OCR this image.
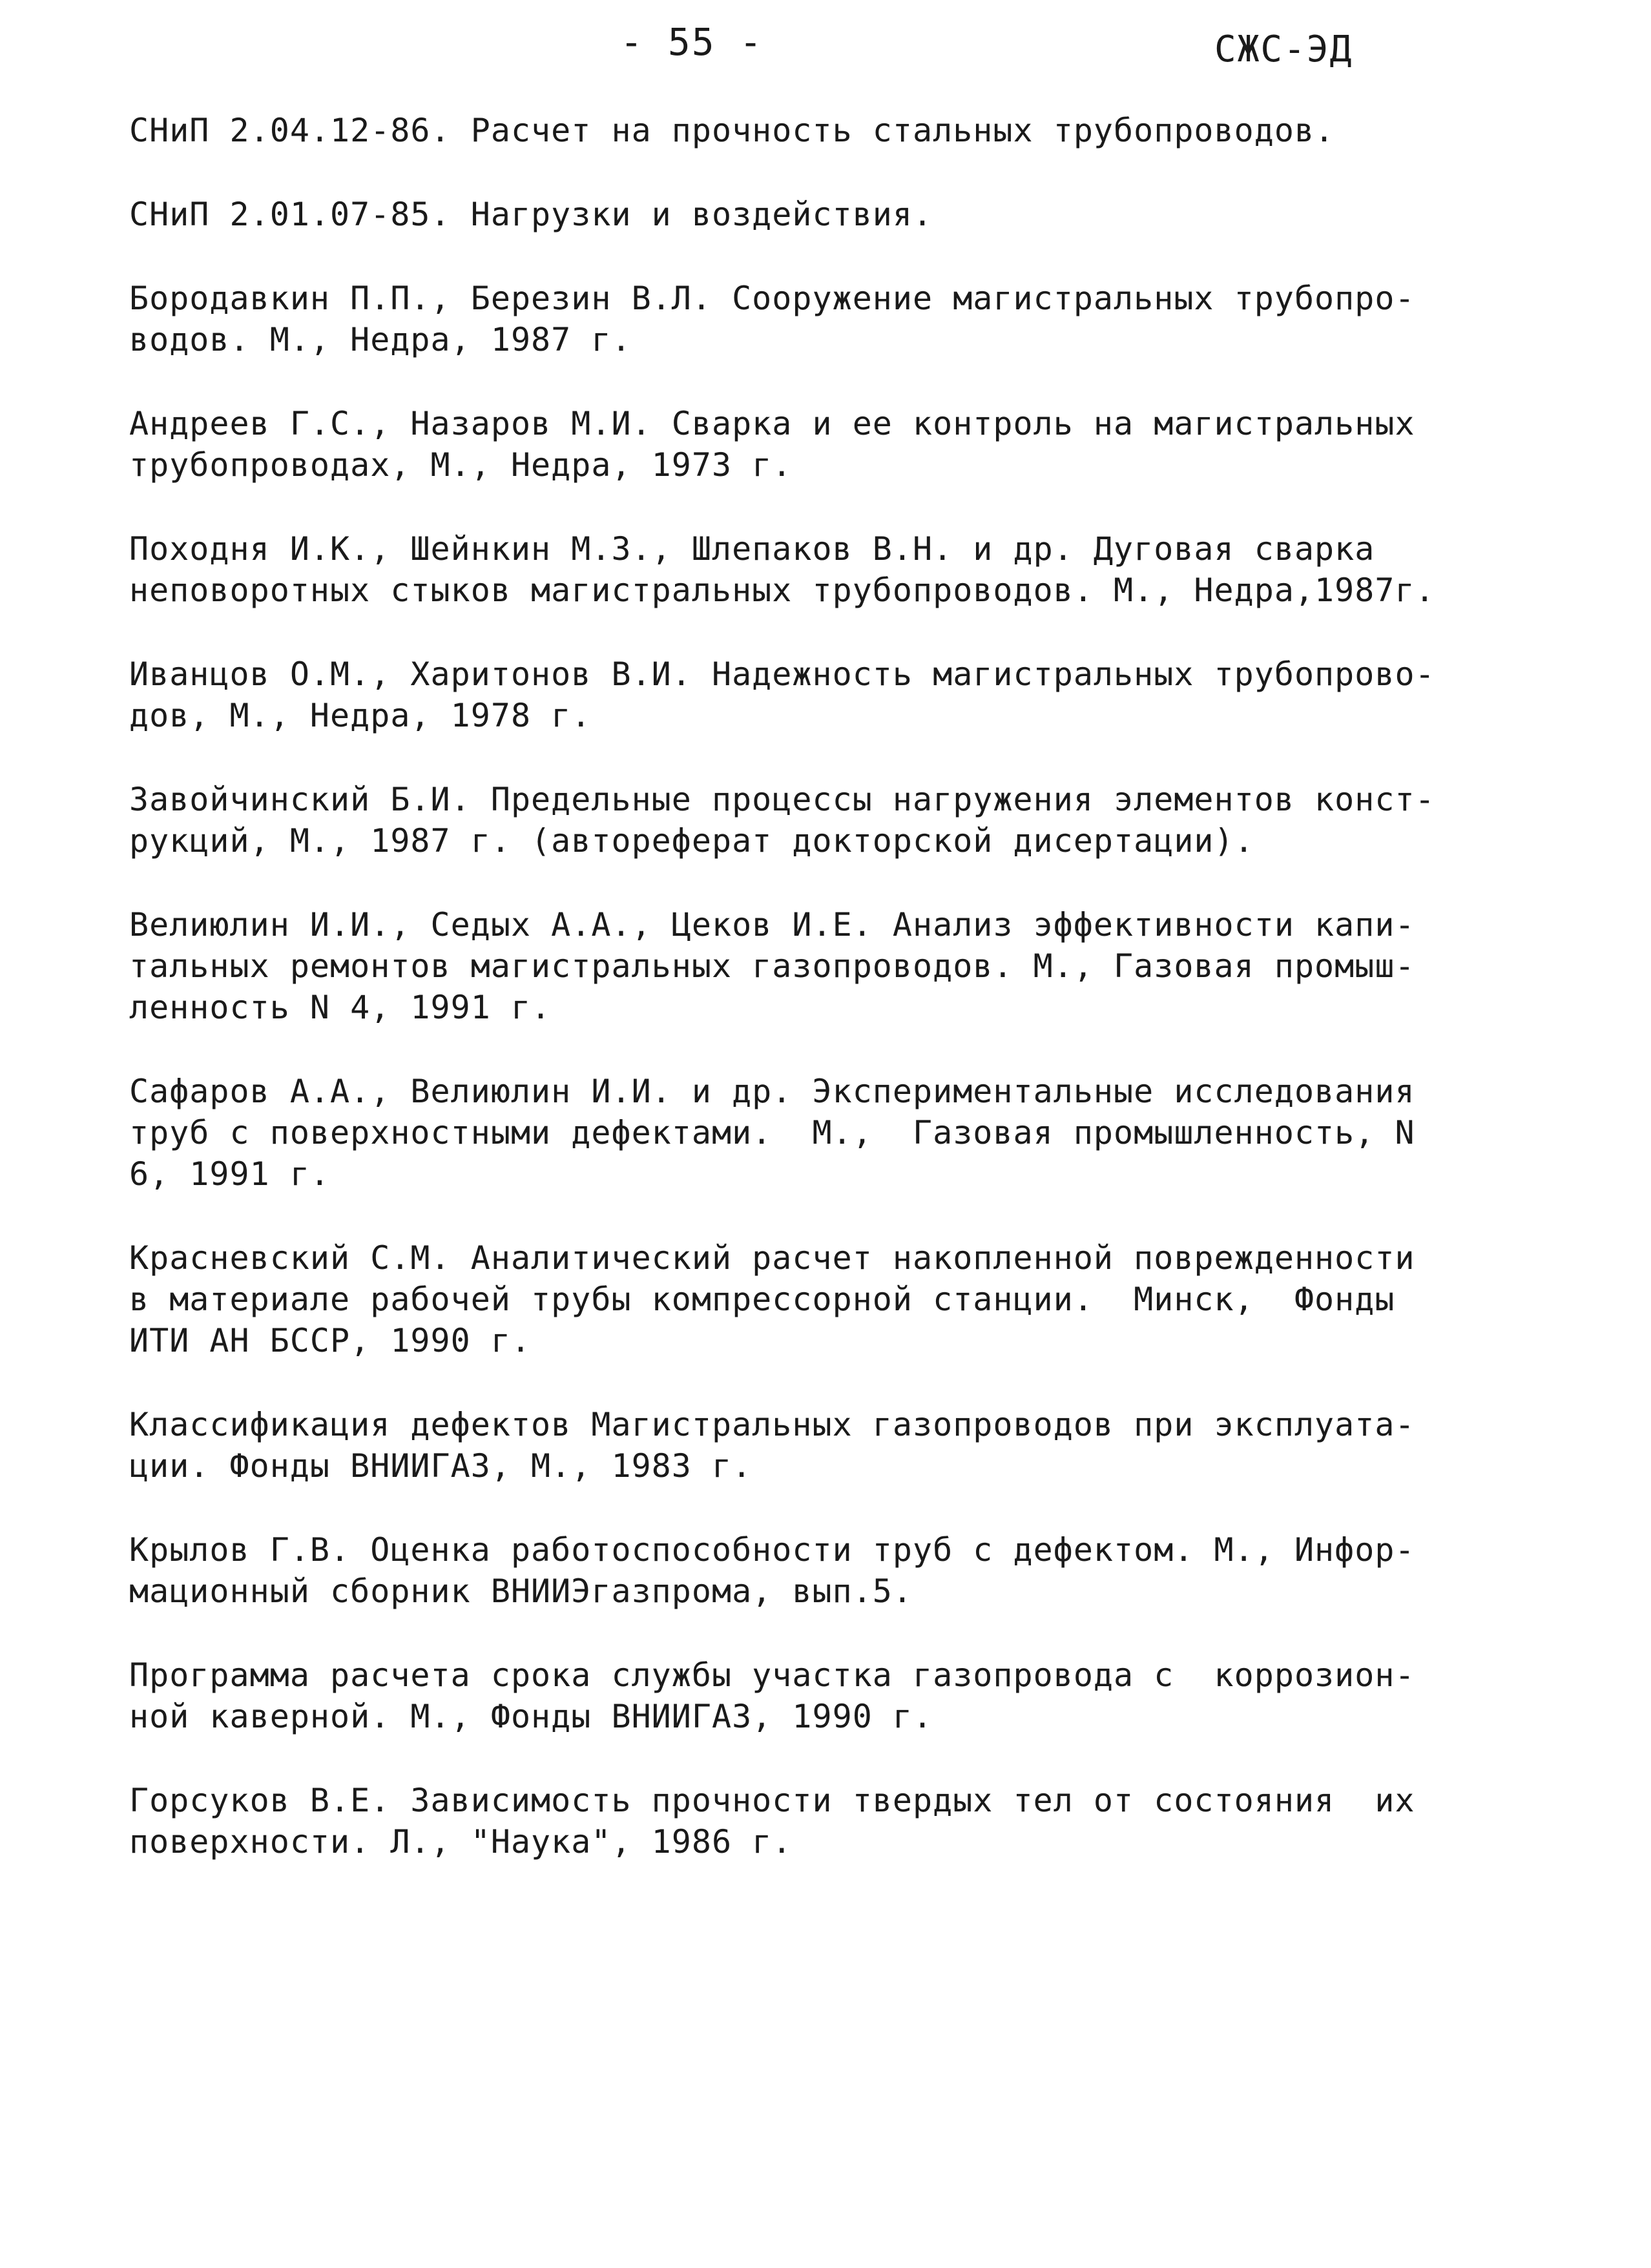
- 55 -	СЖС-ЭД
СНиП 2.04.12-86. Расчет на прочность стальных трубопроводов.
СНиП 2.01.07-85. Нагрузки и воздействия.
Бородавкин П.П., Березин В.Л. Сооружение магистральных трубопро-
водов. М., Недра, 1987 г.
Андреев Г.С., Назаров М.И. Сварка и ее контроль на магистральных
трубопроводах, М., Недра, 1973 г.
Походня И.К., Шейнкин М.З., Шлепаков В.Н. и др. Дуговая сварка
неповоротных стыков магистральных трубопроводов. М., Недра,1987г.
Иванцов О.М., Харитонов В.И. Надежность магистральных трубопрово-
дов, М., Недра, 1978 г.
Завойчинский Б.И. Предельные процессы нагружения элементов конст-
рукций, М., 1987 г. (автореферат докторской дисертации).
Велиюлин И.И., Седых А.А., Цеков И.Е. Анализ эффективности капи-
тальных ремонтов магистральных газопроводов. М., Газовая промыш-
ленность N 4, 1991 г.
Сафаров А.А., Велиюлин И.И. и др. Экспериментальные исследования
труб с поверхностными дефектами.  М.,  Газовая промышленность, N
6, 1991 г.
Красневский С.М. Аналитический расчет накопленной поврежденности
в материале рабочей трубы компрессорной станции.  Минск,  Фонды
ИТИ АН БССР, 1990 г.
Классификация дефектов Магистральных газопроводов при эксплуата-
ции. Фонды ВНИИГАЗ, М., 1983 г.
Крылов Г.В. Оценка работоспособности труб с дефектом. М., Инфор-
мационный сборник ВНИИЭгазпрома, вып.5.
Программа расчета срока службы участка газопровода с  коррозион-
ной каверной. М., Фонды ВНИИГАЗ, 1990 г.
Горсуков В.Е. Зависимость прочности твердых тел от состояния  их
поверхности. Л., "Наука", 1986 г.
